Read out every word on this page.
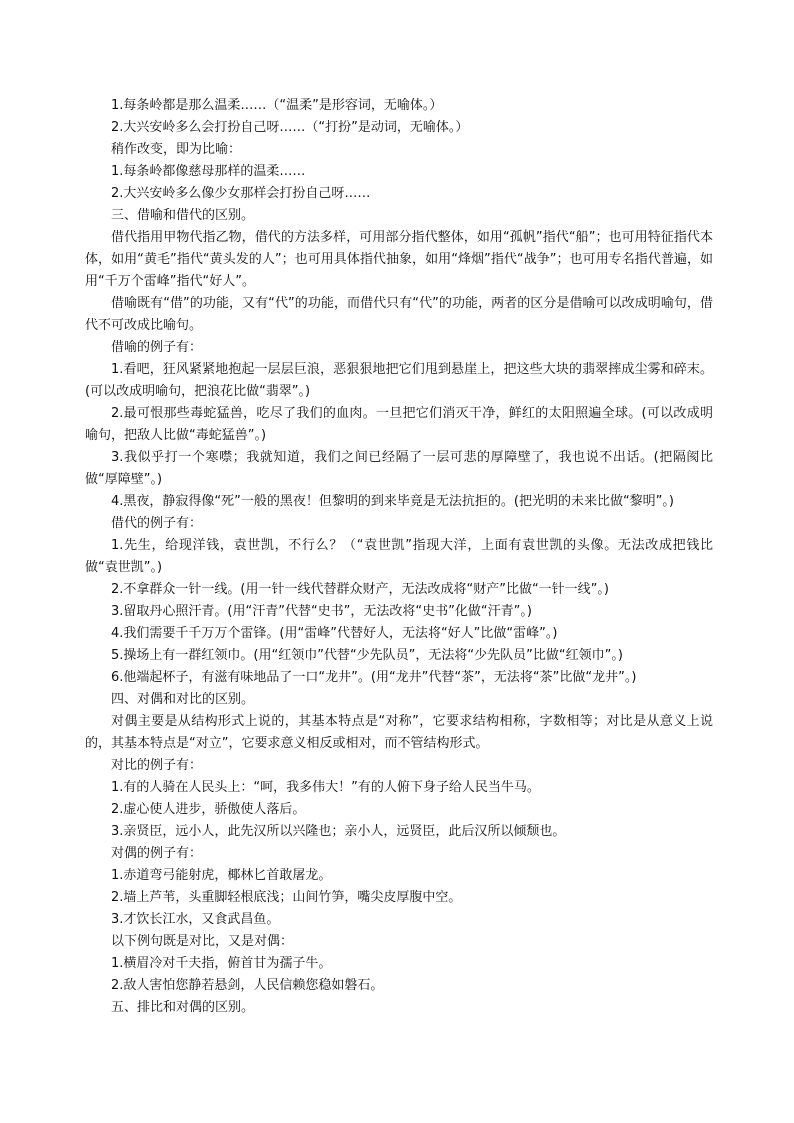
1.每条岭都是那么温柔……（“温柔”是形容词，无喻体。）

2.大兴安岭多么会打扮自己呀……（“打扮”是动词，无喻体。）

稍作改变，即为比喻：

1.每条岭都像慈母那样的温柔……

2.大兴安岭多么像少女那样会打扮自己呀……

三、借喻和借代的区别。

借代指用甲物代指乙物，借代的方法多样，可用部分指代整体，如用“孤帆”指代“船”；也可用特征指代本体，如用“黄毛”指代“黄头发的人”；也可用具体指代抽象，如用“烽烟”指代“战争”；也可用专名指代普遍，如用“千万个雷峰”指代“好人”。

借喻既有“借”的功能，又有“代”的功能，而借代只有“代”的功能，两者的区分是借喻可以改成明喻句，借代不可改成比喻句。

借喻的例子有：

1.看吧，狂风紧紧地抱起一层层巨浪，恶狠狠地把它们甩到悬崖上，把这些大块的翡翠摔成尘雾和碎末。(可以改成明喻句，把浪花比做“翡翠”。)

2.最可恨那些毒蛇猛兽，吃尽了我们的血肉。一旦把它们消灭干净，鲜红的太阳照遍全球。(可以改成明喻句，把敌人比做“毒蛇猛兽”。)

3.我似乎打一个寒噤；我就知道，我们之间已经隔了一层可悲的厚障壁了，我也说不出话。(把隔阂比做“厚障壁”。)

4.黑夜，静寂得像“死”一般的黑夜！但黎明的到来毕竟是无法抗拒的。(把光明的未来比做“黎明”。)

借代的例子有：

1.先生，给现洋钱，袁世凯，不行么？（“袁世凯”指现大洋，上面有袁世凯的头像。无法改成把钱比做“袁世凯”。)

2.不拿群众一针一线。(用一针一线代替群众财产，无法改成将“财产”比做“一针一线”。)

3.留取丹心照汗青。(用“汗青”代替“史书”，无法改将“史书”化做“汗青”。)

4.我们需要千千万万个雷锋。(用“雷峰”代替好人，无法将“好人”比做“雷峰”。)

5.操场上有一群红领巾。(用“红领巾”代替“少先队员”，无法将“少先队员”比做“红领巾”。)

6.他端起杯子，有滋有味地品了一口“龙井”。(用“龙井”代替“茶”，无法将“茶”比做“龙井”。)

四、对偶和对比的区别。

对偶主要是从结构形式上说的，其基本特点是“对称”，它要求结构相称，字数相等；对比是从意义上说的，其基本特点是“对立”，它要求意义相反或相对，而不管结构形式。

对比的例子有：

1.有的人骑在人民头上：“呵，我多伟大！”有的人俯下身子给人民当牛马。

2.虚心使人进步，骄傲使人落后。

3.亲贤臣，远小人，此先汉所以兴隆也；亲小人，远贤臣，此后汉所以倾颓也。

对偶的例子有：

1.赤道弯弓能射虎，椰林匕首敢屠龙。

2.墙上芦苇，头重脚轻根底浅；山间竹笋，嘴尖皮厚腹中空。

3.才饮长江水，又食武昌鱼。

以下例句既是对比，又是对偶：

1.横眉冷对千夫指，俯首甘为孺子牛。

2.敌人害怕您静若悬剑，人民信赖您稳如磐石。

五、排比和对偶的区别。
